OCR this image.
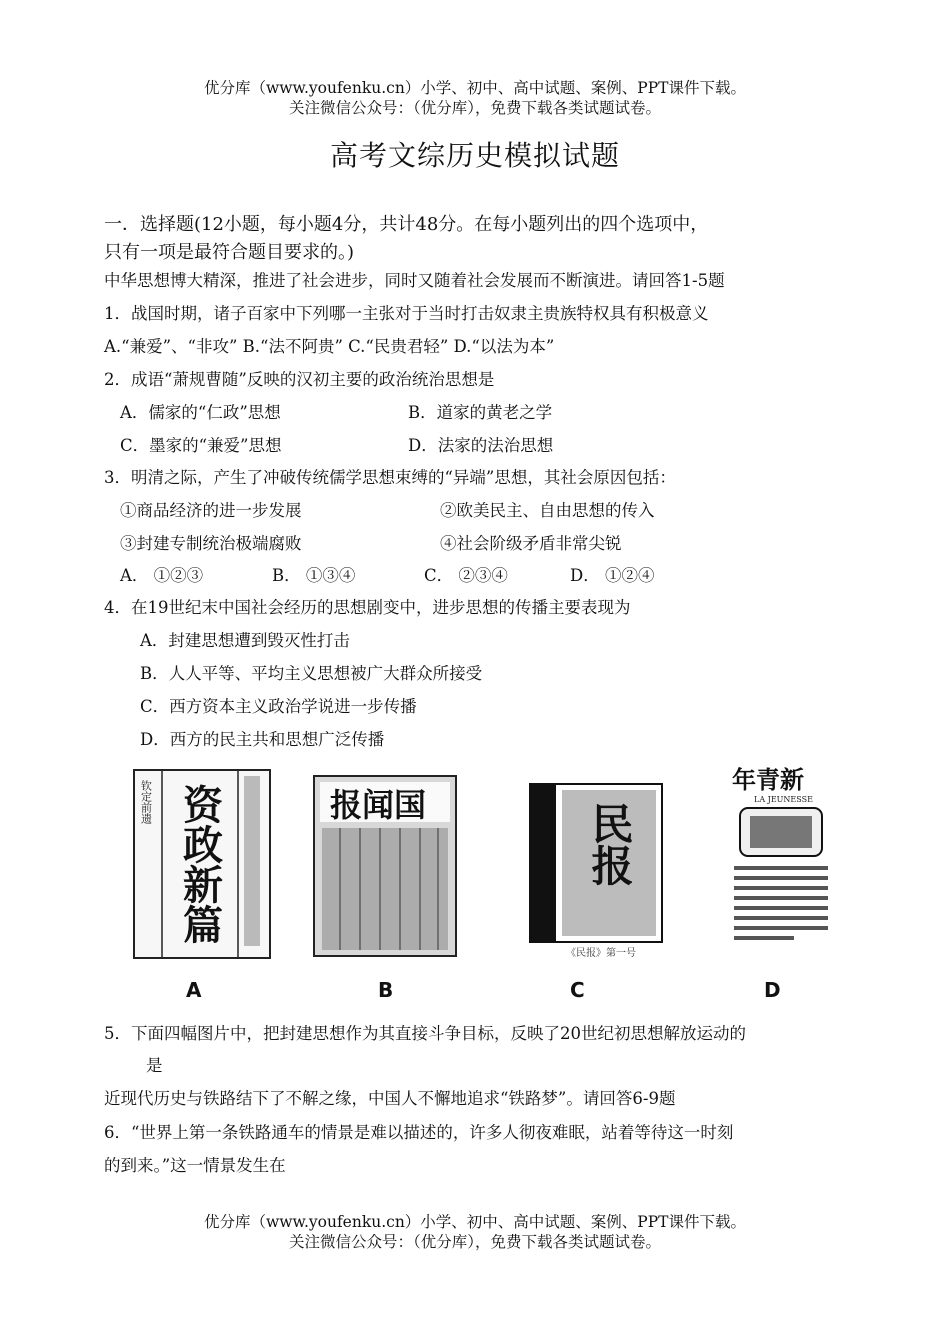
优分库（www.youfenku.cn）小学、初中、高中试题、案例、PPT课件下载。
关注微信公众号：（优分库），免费下载各类试题试卷。
高考文综历史模拟试题
一．选择题(12小题，每小题4分，共计48分。在每小题列出的四个选项中，
只有一项是最符合题目要求的。)
中华思想博大精深，推进了社会进步，同时又随着社会发展而不断演进。请回答1-5题
1．战国时期，诸子百家中下列哪一主张对于当时打击奴隶主贵族特权具有积极意义
A.“兼爱”、“非攻” B.“法不阿贵” C.“民贵君轻” D.“以法为本”
2．成语“萧规曹随”反映的汉初主要的政治统治思想是
A．儒家的“仁政”思想	B．道家的黄老之学
C．墨家的“兼爱”思想	D．法家的法治思想
3．明清之际，产生了冲破传统儒学思想束缚的“异端”思想，其社会原因包括：
①商品经济的进一步发展	②欧美民主、自由思想的传入
③封建专制统治极端腐败	④社会阶级矛盾非常尖锐
A． ①②③	B． ①③④	C． ②③④	D． ①②④
4．在19世纪末中国社会经历的思想剧变中，进步思想的传播主要表现为
A．封建思想遭到毁灭性打击
B．人人平等、平均主义思想被广大群众所接受
C．西方资本主义政治学说进一步传播
D．西方的民主共和思想广泛传播
钦定前遗 资政新篇
A
报闻国
B
民报
《民报》第一号
C
年青新
LA JEUNESSE
D
5．下面四幅图片中，把封建思想作为其直接斗争目标，反映了20世纪初思想解放运动的
是
近现代历史与铁路结下了不解之缘，中国人不懈地追求“铁路梦”。请回答6-9题
6．“世界上第一条铁路通车的情景是难以描述的，许多人彻夜难眠，站着等待这一时刻
的到来。”这一情景发生在
优分库（www.youfenku.cn）小学、初中、高中试题、案例、PPT课件下载。
关注微信公众号：（优分库），免费下载各类试题试卷。
